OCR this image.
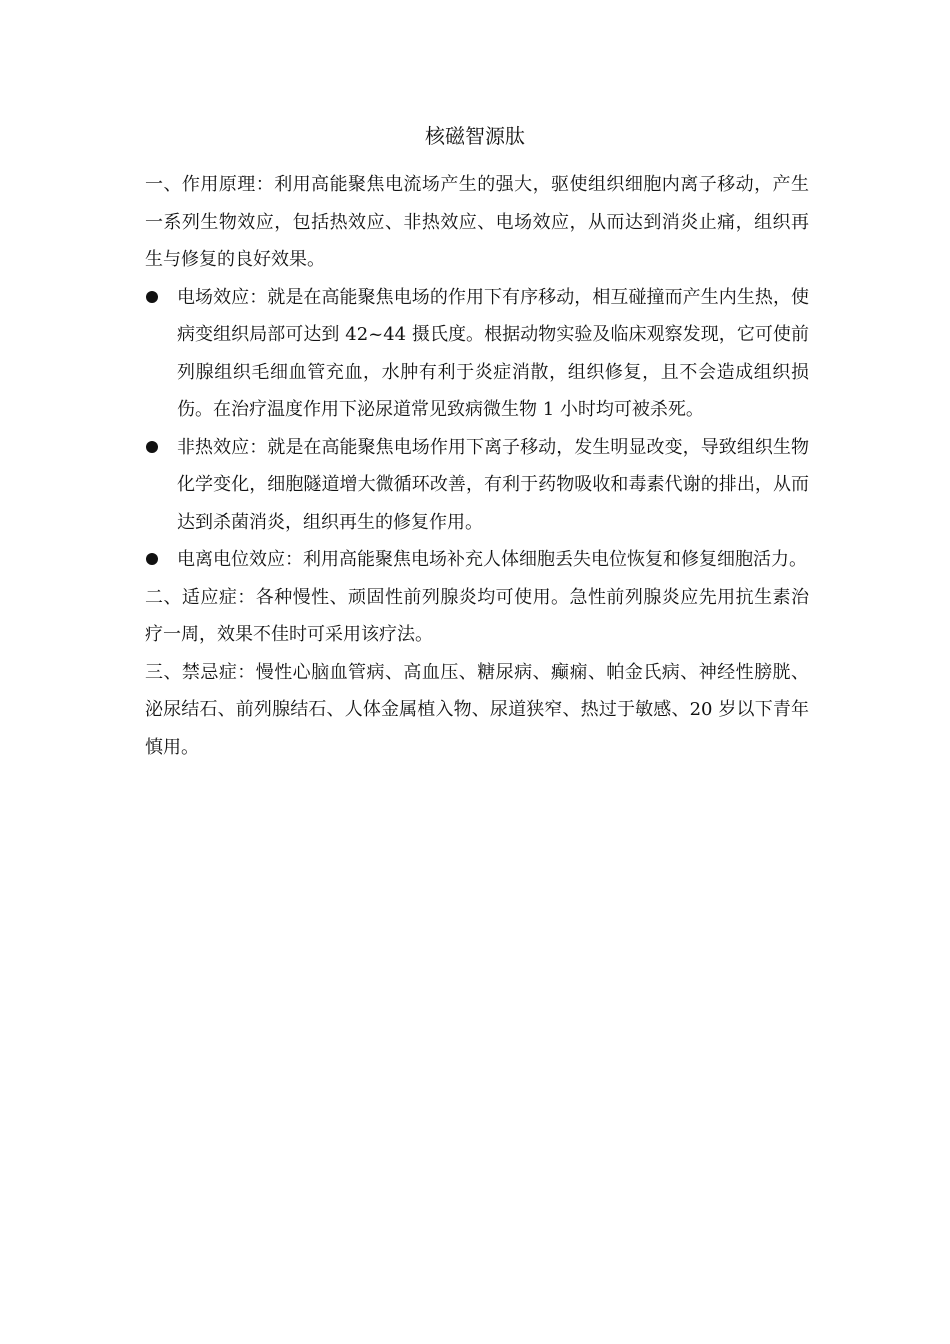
核磁智源肽

一、作用原理：利用高能聚焦电流场产生的强大，驱使组织细胞内离子移动，产生一系列生物效应，包括热效应、非热效应、电场效应，从而达到消炎止痛，组织再生与修复的良好效果。

电场效应：就是在高能聚焦电场的作用下有序移动，相互碰撞而产生内生热，使病变组织局部可达到 42~44 摄氏度。根据动物实验及临床观察发现，它可使前列腺组织毛细血管充血，水肿有利于炎症消散，组织修复，且不会造成组织损伤。在治疗温度作用下泌尿道常见致病微生物 1 小时均可被杀死。
非热效应：就是在高能聚焦电场作用下离子移动，发生明显改变，导致组织生物化学变化，细胞隧道增大微循环改善，有利于药物吸收和毒素代谢的排出，从而达到杀菌消炎，组织再生的修复作用。
电离电位效应：利用高能聚焦电场补充人体细胞丢失电位恢复和修复细胞活力。

二、适应症：各种慢性、顽固性前列腺炎均可使用。急性前列腺炎应先用抗生素治疗一周，效果不佳时可采用该疗法。

三、禁忌症：慢性心脑血管病、高血压、糖尿病、癫痫、帕金氏病、神经性膀胱、泌尿结石、前列腺结石、人体金属植入物、尿道狭窄、热过于敏感、20 岁以下青年慎用。
